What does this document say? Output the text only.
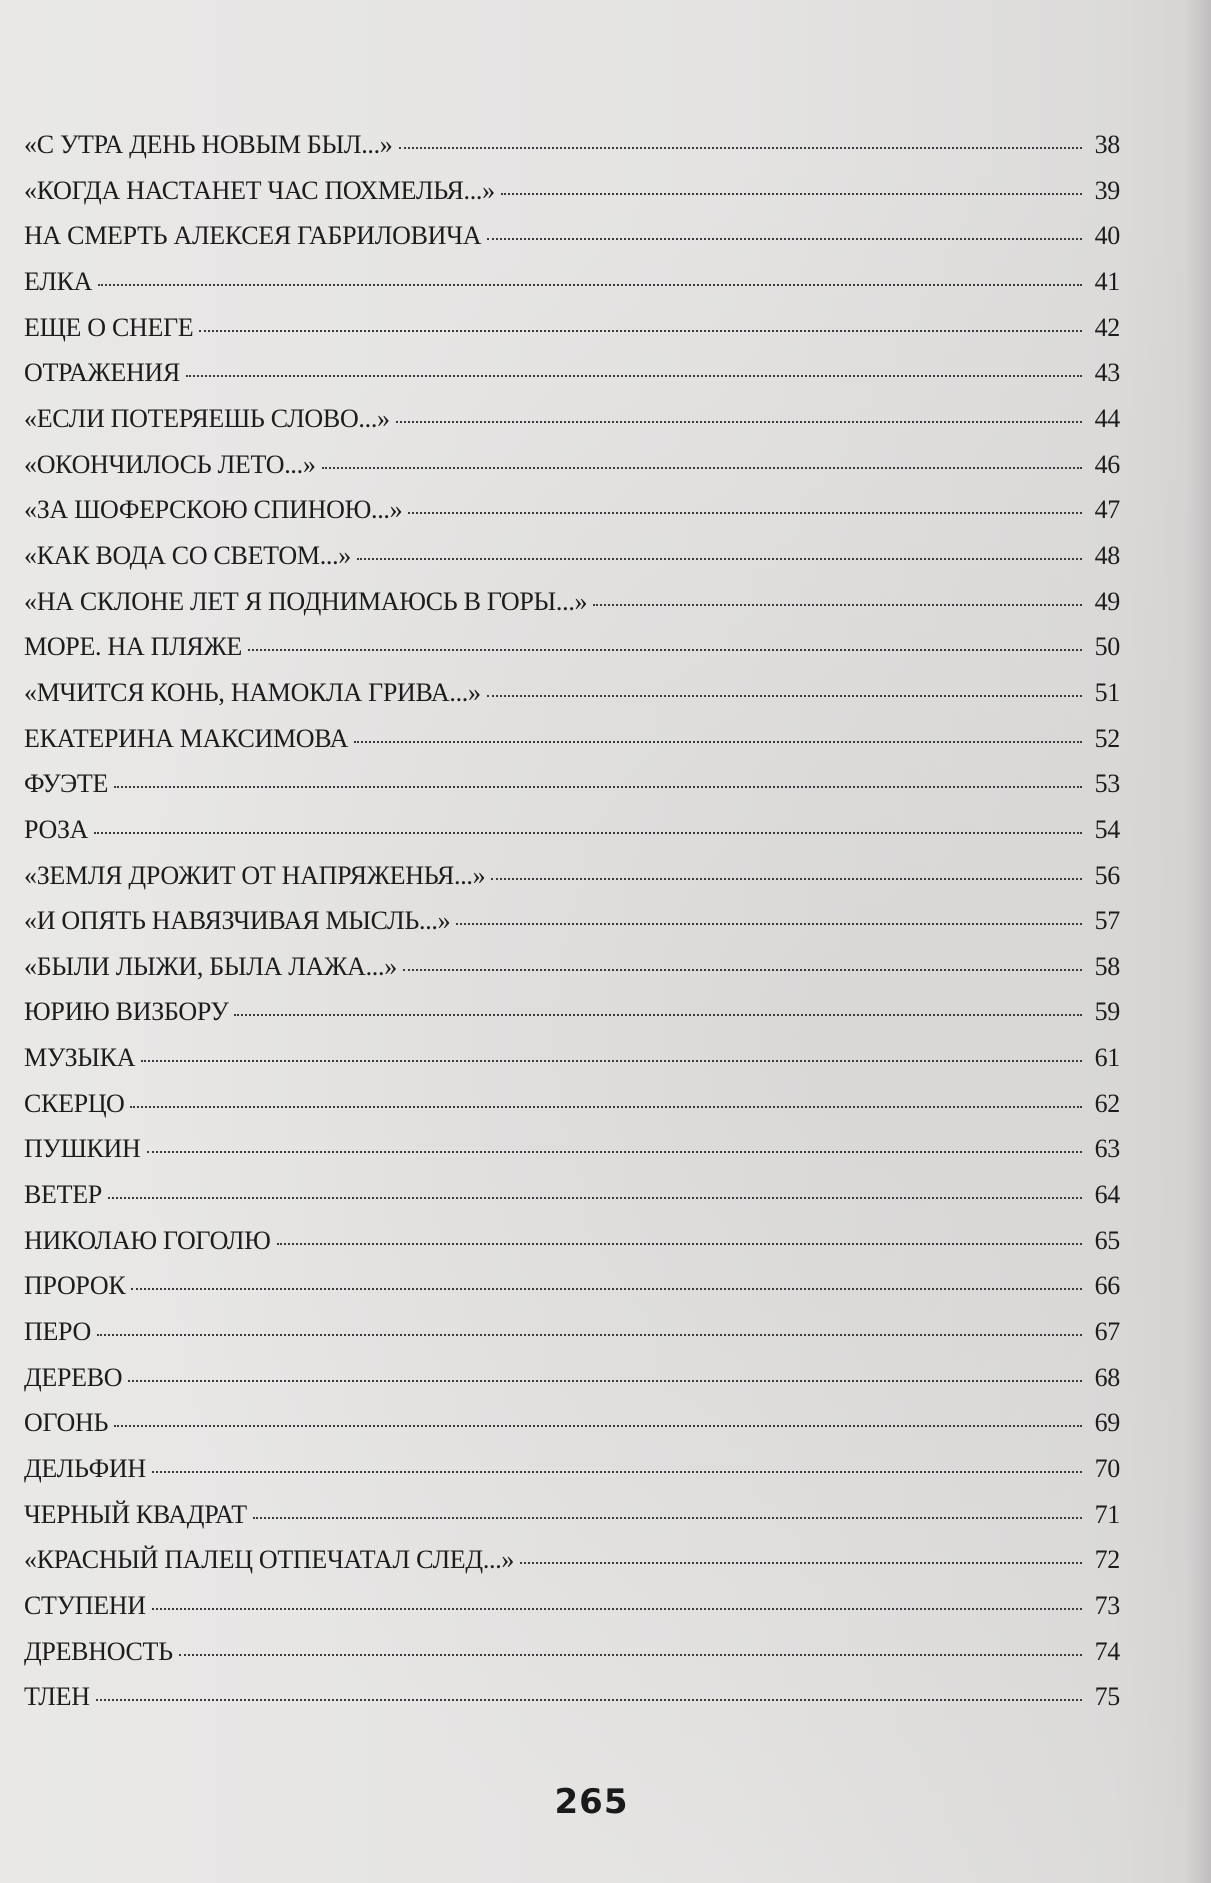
«С УТРА ДЕНЬ НОВЫМ БЫЛ...»	38
«КОГДА НАСТАНЕТ ЧАС ПОХМЕЛЬЯ...»	39
НА СМЕРТЬ АЛЕКСЕЯ ГАБРИЛОВИЧА	40
ЕЛКА	41
ЕЩЕ О СНЕГЕ	42
ОТРАЖЕНИЯ	43
«ЕСЛИ ПОТЕРЯЕШЬ СЛОВО...»	44
«ОКОНЧИЛОСЬ ЛЕТО...»	46
«ЗА ШОФЕРСКОЮ СПИНОЮ...»	47
«КАК ВОДА СО СВЕТОМ...»	48
«НА СКЛОНЕ ЛЕТ Я ПОДНИМАЮСЬ В ГОРЫ...»	49
МОРЕ. НА ПЛЯЖЕ	50
«МЧИТСЯ КОНЬ, НАМОКЛА ГРИВА...»	51
ЕКАТЕРИНА МАКСИМОВА	52
ФУЭТЕ	53
РОЗА	54
«ЗЕМЛЯ ДРОЖИТ ОТ НАПРЯЖЕНЬЯ...»	56
«И ОПЯТЬ НАВЯЗЧИВАЯ МЫСЛЬ...»	57
«БЫЛИ ЛЫЖИ, БЫЛА ЛАЖА...»	58
ЮРИЮ ВИЗБОРУ	59
МУЗЫКА	61
СКЕРЦО	62
ПУШКИН	63
ВЕТЕР	64
НИКОЛАЮ ГОГОЛЮ	65
ПРОРОК	66
ПЕРО	67
ДЕРЕВО	68
ОГОНЬ	69
ДЕЛЬФИН	70
ЧЕРНЫЙ КВАДРАТ	71
«КРАСНЫЙ ПАЛЕЦ ОТПЕЧАТАЛ СЛЕД...»	72
СТУПЕНИ	73
ДРЕВНОСТЬ	74
ТЛЕН	75
265
